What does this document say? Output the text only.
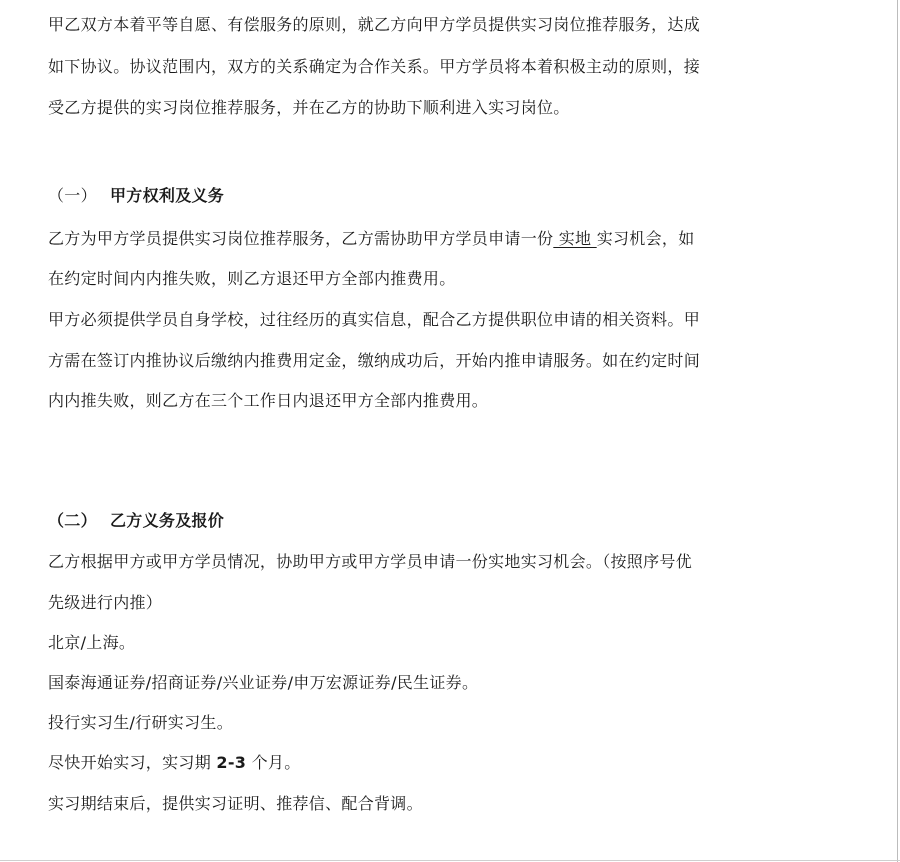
甲乙双方本着平等自愿、有偿服务的原则，就乙方向甲方学员提供实习岗位推荐服务，达成
如下协议。协议范围内，双方的关系确定为合作关系。甲方学员将本着积极主动的原则，接
受乙方提供的实习岗位推荐服务，并在乙方的协助下顺利进入实习岗位。
（一） 甲方权利及义务
乙方为甲方学员提供实习岗位推荐服务，乙方需协助甲方学员申请一份 实地 实习机会，如
在约定时间内内推失败，则乙方退还甲方全部内推费用。
甲方必须提供学员自身学校，过往经历的真实信息，配合乙方提供职位申请的相关资料。甲
方需在签订内推协议后缴纳内推费用定金，缴纳成功后，开始内推申请服务。如在约定时间
内内推失败，则乙方在三个工作日内退还甲方全部内推费用。
（二） 乙方义务及报价
乙方根据甲方或甲方学员情况，协助甲方或甲方学员申请一份实地实习机会。（按照序号优
先级进行内推）
北京/上海。
国泰海通证券/招商证券/兴业证券/申万宏源证券/民生证券。
投行实习生/行研实习生。
尽快开始实习，实习期 2-3 个月。
实习期结束后，提供实习证明、推荐信、配合背调。
